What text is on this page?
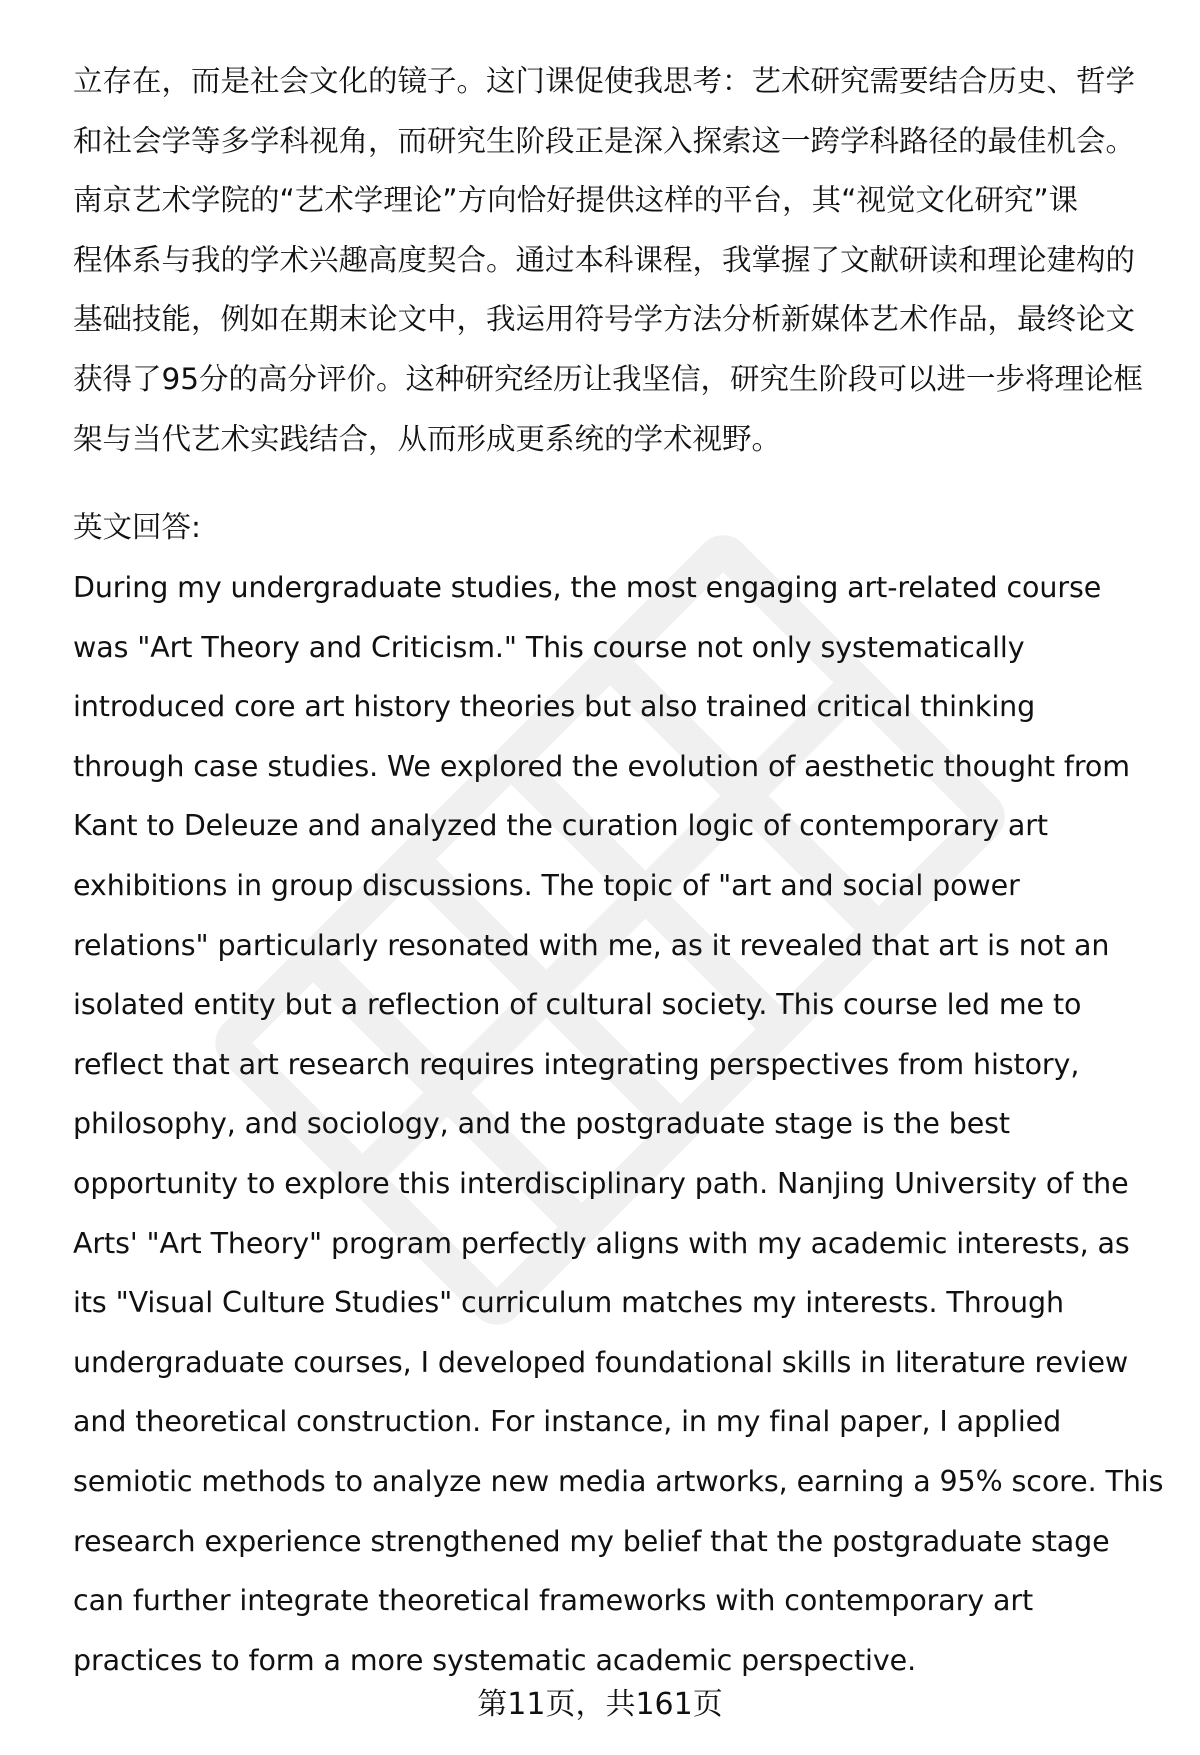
立存在，而是社会文化的镜子。这门课促使我思考：艺术研究需要结合历史、哲学
和社会学等多学科视角，而研究生阶段正是深入探索这一跨学科路径的最佳机会。
南京艺术学院的“艺术学理论”方向恰好提供这样的平台，其“视觉文化研究”课
程体系与我的学术兴趣高度契合。通过本科课程，我掌握了文献研读和理论建构的
基础技能，例如在期末论文中，我运用符号学方法分析新媒体艺术作品，最终论文
获得了95分的高分评价。这种研究经历让我坚信，研究生阶段可以进一步将理论框
架与当代艺术实践结合，从而形成更系统的学术视野。
英文回答:
During my undergraduate studies, the most engaging art-related course
was "Art Theory and Criticism." This course not only systematically
introduced core art history theories but also trained critical thinking
through case studies. We explored the evolution of aesthetic thought from
Kant to Deleuze and analyzed the curation logic of contemporary art
exhibitions in group discussions. The topic of "art and social power
relations" particularly resonated with me, as it revealed that art is not an
isolated entity but a reflection of cultural society. This course led me to
reflect that art research requires integrating perspectives from history,
philosophy, and sociology, and the postgraduate stage is the best
opportunity to explore this interdisciplinary path. Nanjing University of the
Arts' "Art Theory" program perfectly aligns with my academic interests, as
its "Visual Culture Studies" curriculum matches my interests. Through
undergraduate courses, I developed foundational skills in literature review
and theoretical construction. For instance, in my final paper, I applied
semiotic methods to analyze new media artworks, earning a 95% score. This
research experience strengthened my belief that the postgraduate stage
can further integrate theoretical frameworks with contemporary art
practices to form a more systematic academic perspective.
第11页，共161页
